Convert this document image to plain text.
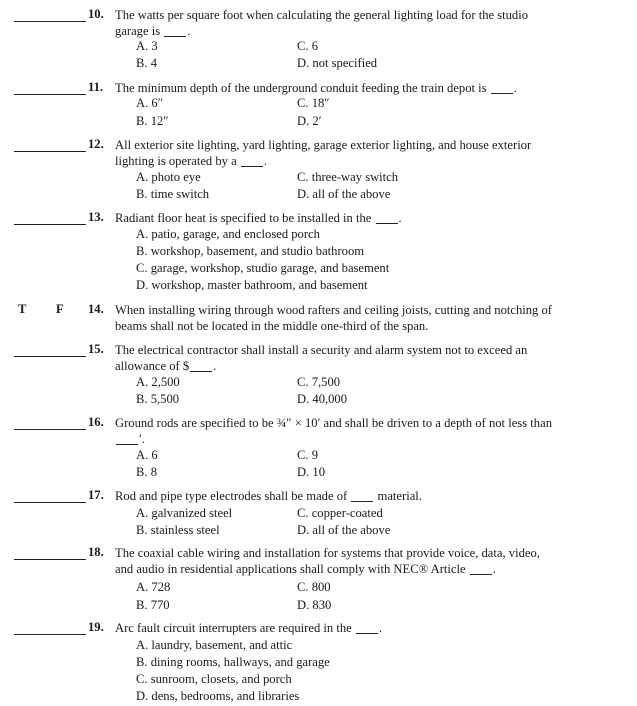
10. The watts per square foot when calculating the general lighting load for the studio garage is .
A. 3
B. 4
C. 6
D. not specified
11. The minimum depth of the underground conduit feeding the train depot is .
A. 6″
B. 12″
C. 18″
D. 2′
12. All exterior site lighting, yard lighting, garage exterior lighting, and house exterior lighting is operated by a .
A. photo eye
B. time switch
C. three-way switch
D. all of the above
13. Radiant floor heat is specified to be installed in the .
A. patio, garage, and enclosed porch
B. workshop, basement, and studio bathroom
C. garage, workshop, studio garage, and basement
D. workshop, master bathroom, and basement
T F	14. When installing wiring through wood rafters and ceiling joists, cutting and notching of beams shall not be located in the middle one-third of the span.
15. The electrical contractor shall install a security and alarm system not to exceed an allowance of $ .
A. 2,500
B. 5,500
C. 7,500
D. 40,000
16. Ground rods are specified to be ¾″ × 10′ and shall be driven to a depth of not less than ′.
A. 6
B. 8
C. 9
D. 10
17. Rod and pipe type electrodes shall be made of material.
A. galvanized steel
B. stainless steel
C. copper-coated
D. all of the above
18. The coaxial cable wiring and installation for systems that provide voice, data, video, and audio in residential applications shall comply with NEC® Article .
A. 728
B. 770
C. 800
D. 830
19. Arc fault circuit interrupters are required in the .
A. laundry, basement, and attic
B. dining rooms, hallways, and garage
C. sunroom, closets, and porch
D. dens, bedrooms, and libraries
